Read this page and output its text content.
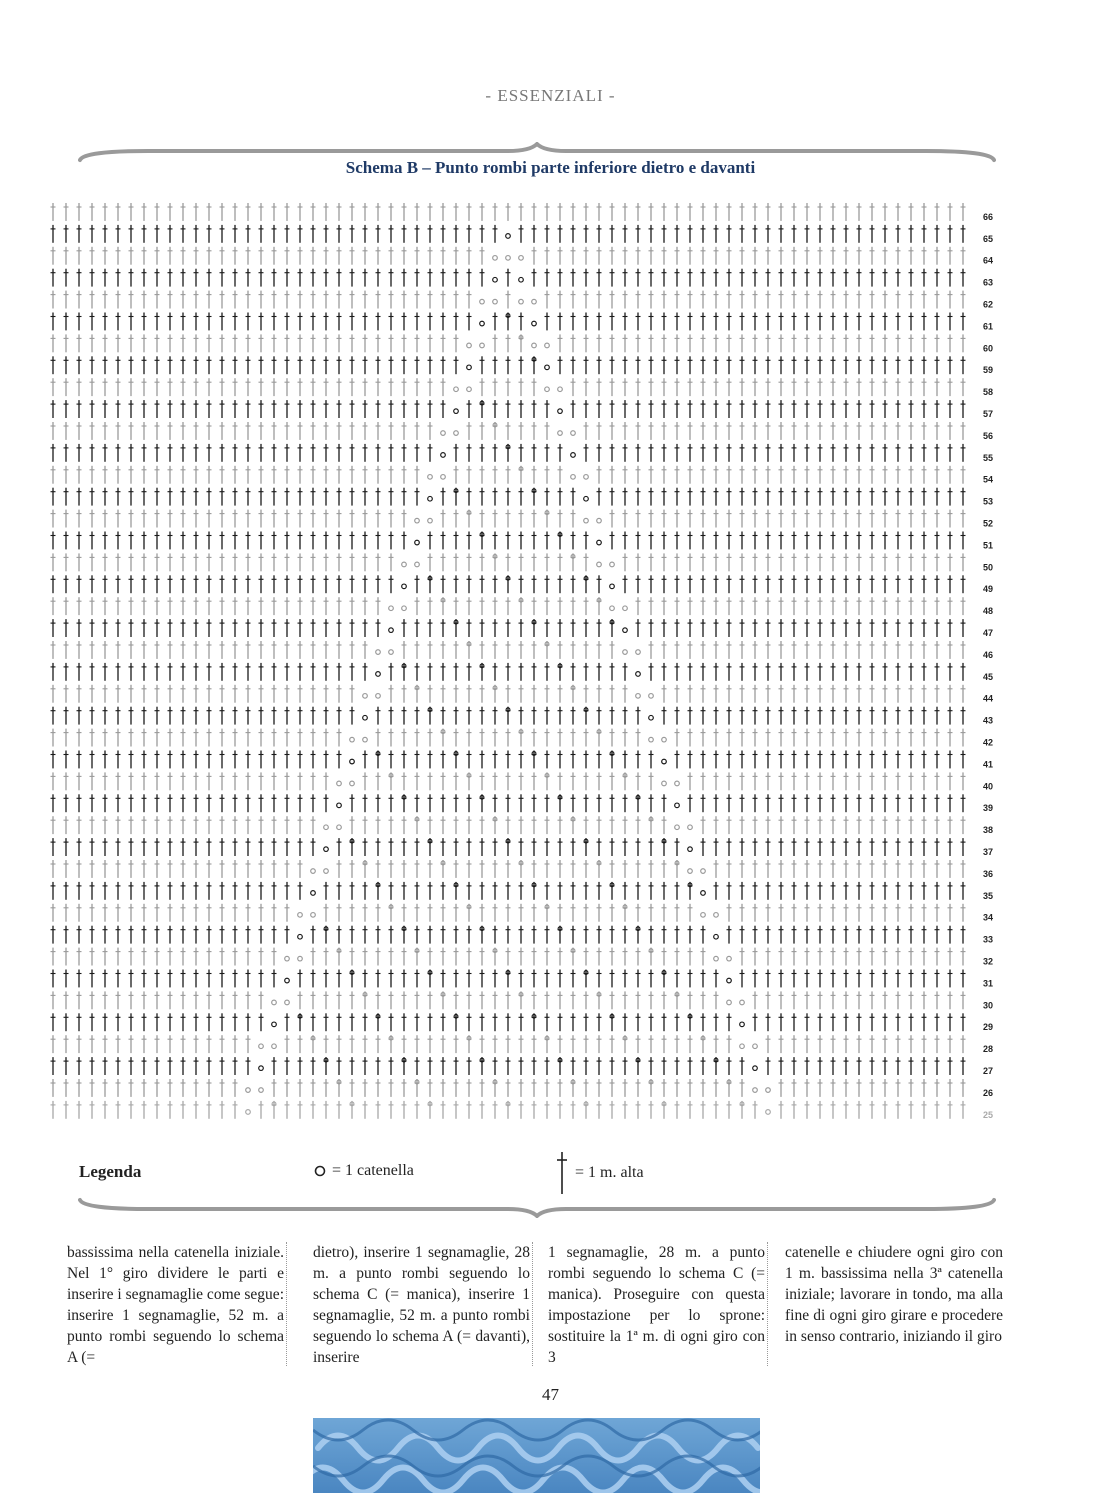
- ESSENZIALI -
Schema B – Punto rombi parte inferiore dietro e davanti
66
65
64
63
62
61
60
59
58
57
56
55
54
53
52
51
50
49
48
47
46
45
44
43
42
41
40
39
38
37
36
35
34
33
32
31
30
29
28
27
26
25
Legenda	= 1 catenella	= 1 m. alta
bassissima nella catenella iniziale. Nel 1° giro dividere le parti e inserire i segnamaglie come segue: inserire 1 segnamaglie, 52 m. a punto rombi seguendo lo schema A (=
dietro), inserire 1 segnamaglie, 28 m. a punto rombi seguendo lo schema C (= manica), inserire 1 segnamaglie, 52 m. a punto rombi seguendo lo schema A (= davanti), inserire
1 segnamaglie, 28 m. a punto rombi seguendo lo schema C (= manica). Proseguire con questa impostazione per lo sprone: sostituire la 1ª m. di ogni giro con 3
catenelle e chiudere ogni giro con 1 m. bassissima nella 3ª catenella iniziale; lavorare in tondo, ma alla fine di ogni giro girare e procedere in senso contrario, iniziando il giro
47
